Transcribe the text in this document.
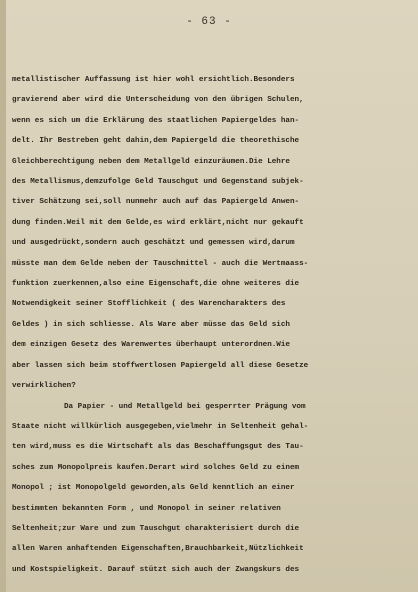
- 63 -
metallistischer Auffassung ist hier wohl ersichtlich.Besonders
gravierend aber wird die Unterscheidung von den übrigen Schulen,
wenn es sich um die Erklärung des staatlichen Papiergeldes han-
delt. Ihr Bestreben geht dahin,dem Papiergeld die theorethische
Gleichberechtigung neben dem Metallgeld einzuräumen.Die Lehre
des Metallismus,demzufolge Geld Tauschgut und Gegenstand subjek-
tiver Schätzung sei,soll nunmehr auch auf das Papiergeld Anwen-
dung finden.Weil mit dem Gelde,es wird erklärt,nicht nur gekauft
und ausgedrückt,sondern auch geschätzt und gemessen wird,darum
müsste man dem Gelde neben der Tauschmittel - auch die Wertmaass-
funktion zuerkennen,also eine Eigenschaft,die ohne weiteres die
Notwendigkeit seiner Stofflichkeit ( des Warencharakters des
Geldes ) in sich schliesse. Als Ware aber müsse das Geld sich
dem einzigen Gesetz des Warenwertes überhaupt unterordnen.Wie
aber lassen sich beim stoffwertlosen Papiergeld all diese Gesetze
verwirklichen?
Da Papier - und Metallgeld bei gesperrter Prägung vom
Staate nicht willkürlich ausgegeben,vielmehr in Seltenheit gehal-
ten wird,muss es die Wirtschaft als das Beschaffungsgut des Tau-
sches zum Monopolpreis kaufen.Derart wird solches Geld zu einem
Monopol ; ist Monopolgeld geworden,als Geld kenntlich an einer
bestimmten bekannten Form , und Monopol in seiner relativen
Seltenheit;zur Ware und zum Tauschgut charakterisiert durch die
allen Waren anhaftenden Eigenschaften,Brauchbarkeit,Nützlichkeit
und Kostspieligkeit. Darauf stützt sich auch der Zwangskurs des
